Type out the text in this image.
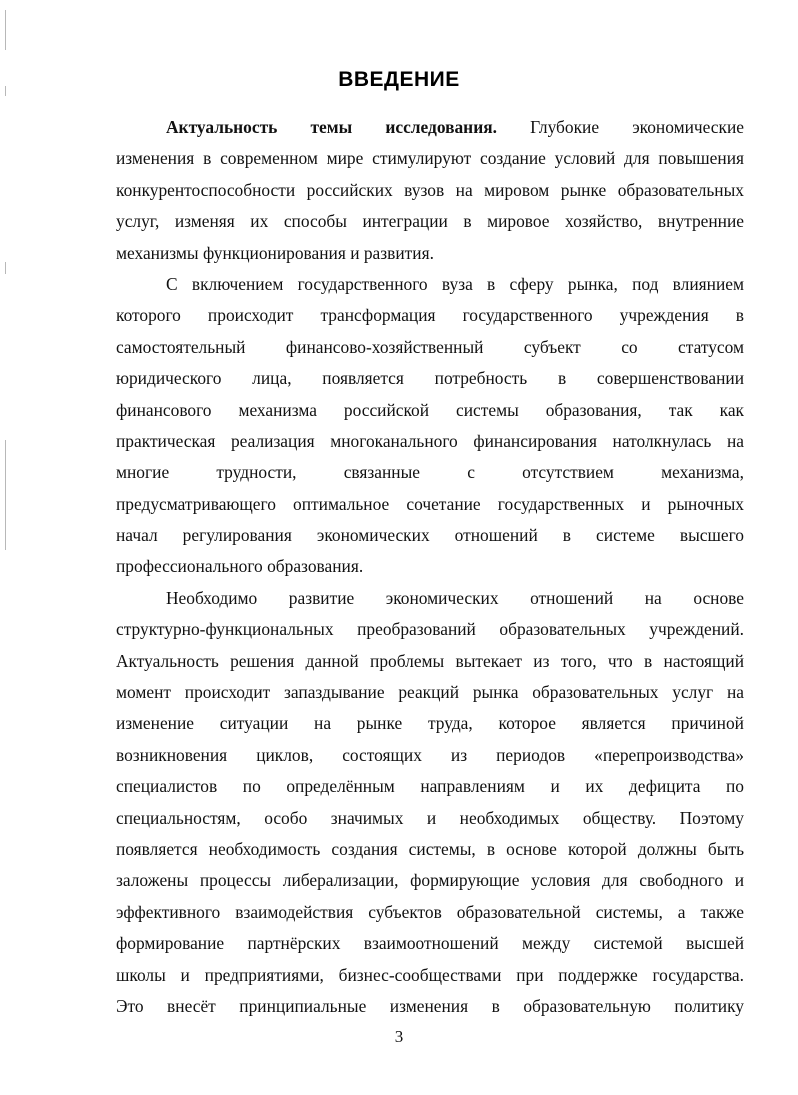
ВВЕДЕНИЕ
Актуальность темы исследования. Глубокие экономические
изменения в современном мире стимулируют создание условий для повышения
конкурентоспособности российских вузов на мировом рынке образовательных
услуг, изменяя их способы интеграции в мировое хозяйство, внутренние
механизмы функционирования и развития.
С включением государственного вуза в сферу рынка, под влиянием
которого происходит трансформация государственного учреждения в
самостоятельный финансово-хозяйственный субъект со статусом
юридического лица, появляется потребность в совершенствовании
финансового механизма российской системы образования, так как
практическая реализация многоканального финансирования натолкнулась на
многие трудности, связанные с отсутствием механизма,
предусматривающего оптимальное сочетание государственных и рыночных
начал регулирования экономических отношений в системе высшего
профессионального образования.
Необходимо развитие экономических отношений на основе
структурно-функциональных преобразований образовательных учреждений.
Актуальность решения данной проблемы вытекает из того, что в настоящий
момент происходит запаздывание реакций рынка образовательных услуг на
изменение ситуации на рынке труда, которое является причиной
возникновения циклов, состоящих из периодов «перепроизводства»
специалистов по определённым направлениям и их дефицита по
специальностям, особо значимых и необходимых обществу. Поэтому
появляется необходимость создания системы, в основе которой должны быть
заложены процессы либерализации, формирующие условия для свободного и
эффективного взаимодействия субъектов образовательной системы, а также
формирование партнёрских взаимоотношений между системой высшей
школы и предприятиями, бизнес-сообществами при поддержке государства.
Это внесёт принципиальные изменения в образовательную политику
3
